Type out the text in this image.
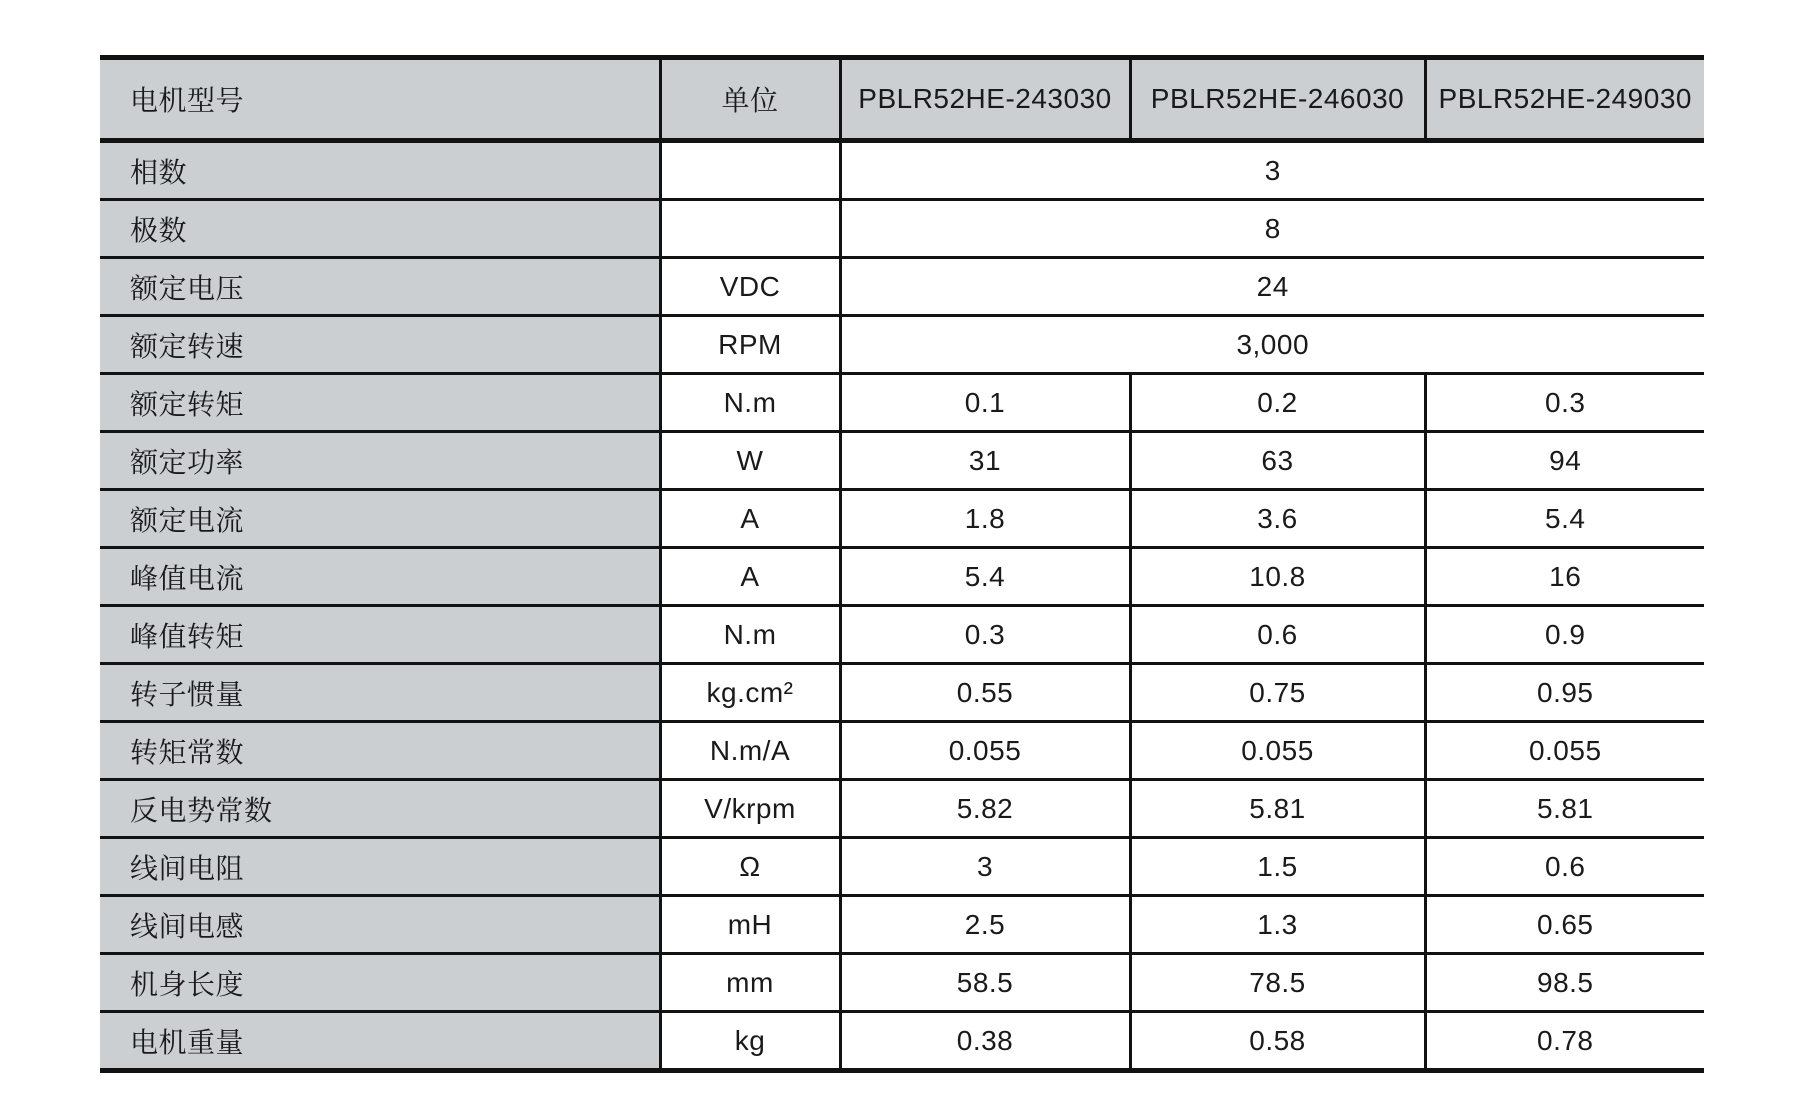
电机型号	单位	PBLR52HE-243030	PBLR52HE-246030	PBLR52HE-249030
相数		3		
极数		8		
额定电压	VDC	24		
额定转速	RPM	3,000		
额定转矩	N.m	0.1	0.2	0.3
额定功率	W	31	63	94
额定电流	A	1.8	3.6	5.4
峰值电流	A	5.4	10.8	16
峰值转矩	N.m	0.3	0.6	0.9
转子惯量	kg.cm²	0.55	0.75	0.95
转矩常数	N.m/A	0.055	0.055	0.055
反电势常数	V/krpm	5.82	5.81	5.81
线间电阻	Ω	3	1.5	0.6
线间电感	mH	2.5	1.3	0.65
机身长度	mm	58.5	78.5	98.5
电机重量	kg	0.38	0.58	0.78
